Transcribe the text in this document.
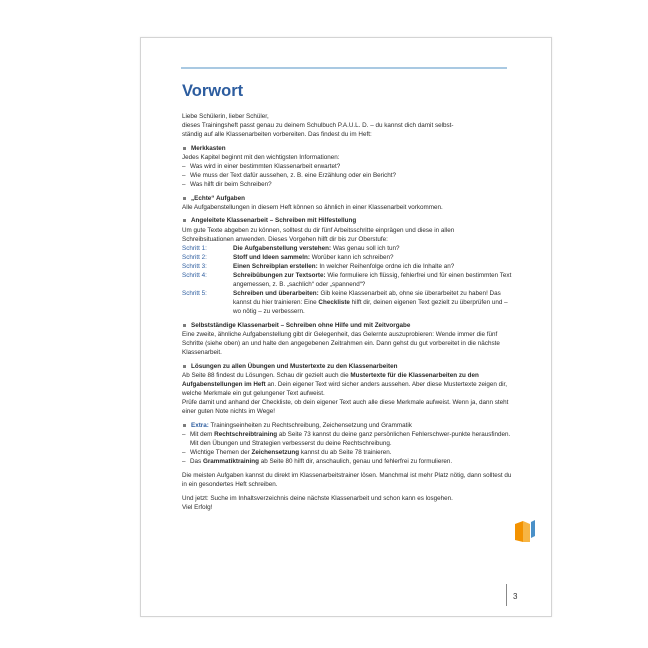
Vorwort

Liebe Schülerin, lieber Schüler,

dieses Trainingsheft passt genau zu deinem Schulbuch P.A.U.L. D. – du kannst dich damit selbst-

ständig auf alle Klassenarbeiten vorbereiten. Das findest du im Heft:

Merkkasten

Jedes Kapitel beginnt mit den wichtigsten Informationen:

– Was wird in einer bestimmten Klassenarbeit erwartet?
– Wie muss der Text dafür aussehen, z. B. eine Erzählung oder ein Bericht?
– Was hilft dir beim Schreiben?
„Echte“ Aufgaben

Alle Aufgabenstellungen in diesem Heft können so ähnlich in einer Klassenarbeit vorkommen.

Angeleitete Klassenarbeit – Schreiben mit Hilfestellung

Um gute Texte abgeben zu können, solltest du dir fünf Arbeitsschritte einprägen und diese in allen

Schreibsituationen anwenden. Dieses Vorgehen hilft dir bis zur Oberstufe:

Schritt 1:	Die Aufgabenstellung verstehen: Was genau soll ich tun?
Schritt 2:	Stoff und Ideen sammeln: Worüber kann ich schreiben?
Schritt 3:	Einen Schreibplan erstellen: In welcher Reihenfolge ordne ich die Inhalte an?
Schritt 4:	Schreibübungen zur Textsorte: Wie formuliere ich flüssig, fehlerfrei und für einen bestimmten Text angemessen, z. B. „sachlich“ oder „spannend“?
Schritt 5:	Schreiben und überarbeiten: Gib keine Klassenarbeit ab, ohne sie überarbeitet zu haben! Das kannst du hier trainieren: Eine Checkliste hilft dir, deinen eigenen Text gezielt zu überprüfen und – wo nötig – zu verbessern.
Selbstständige Klassenarbeit – Schreiben ohne Hilfe und mit Zeitvorgabe

Eine zweite, ähnliche Aufgabenstellung gibt dir Gelegenheit, das Gelernte auszuprobieren: Wende immer die fünf Schritte (siehe oben) an und halte den angegebenen Zeitrahmen ein. Dann gehst du gut vorbereitet in die nächste Klassenarbeit.

Lösungen zu allen Übungen und Mustertexte zu den Klassenarbeiten

Ab Seite 88 findest du Lösungen. Schau dir gezielt auch die Mustertexte für die Klassenarbeiten zu den Aufgabenstellungen im Heft an. Dein eigener Text wird sicher anders aussehen. Aber diese Mustertexte zeigen dir, welche Merkmale ein gut gelungener Text aufweist.

Prüfe damit und anhand der Checkliste, ob dein eigener Text auch alle diese Merkmale aufweist. Wenn ja, dann steht einer guten Note nichts im Wege!

Extra: Trainingseinheiten zu Rechtschreibung, Zeichensetzung und Grammatik
– Mit dem Rechtschreibtraining ab Seite 73 kannst du deine ganz persönlichen Fehlerschwer-punkte herausfinden. Mit den Übungen und Strategien verbesserst du deine Rechtschreibung.
– Wichtige Themen der Zeichensetzung kannst du ab Seite 78 trainieren.
– Das Grammatiktraining ab Seite 80 hilft dir, anschaulich, genau und fehlerfrei zu formulieren.

Die meisten Aufgaben kannst du direkt im Klassenarbeitstrainer lösen. Manchmal ist mehr Platz nötig, dann solltest du in ein gesondertes Heft schreiben.

Und jetzt: Suche im Inhaltsverzeichnis deine nächste Klassenarbeit und schon kann es losgehen.

Viel Erfolg!

3
